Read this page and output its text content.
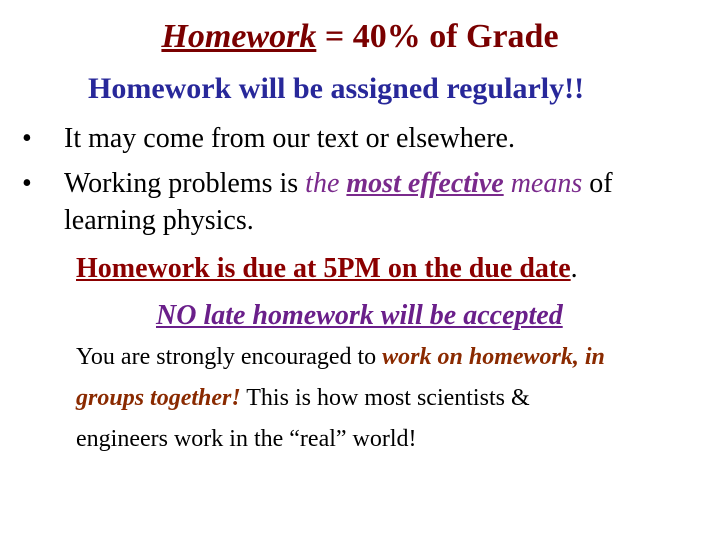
Homework = 40% of Grade
Homework will be assigned regularly!!
• It may come from our text or elsewhere.
• Working problems is the most effective means of
learning physics.
Homework is due at 5PM on the due date.
NO late homework will be accepted
You are strongly encouraged to work on homework, in
groups together! This is how most scientists &
engineers work in the “real” world!
